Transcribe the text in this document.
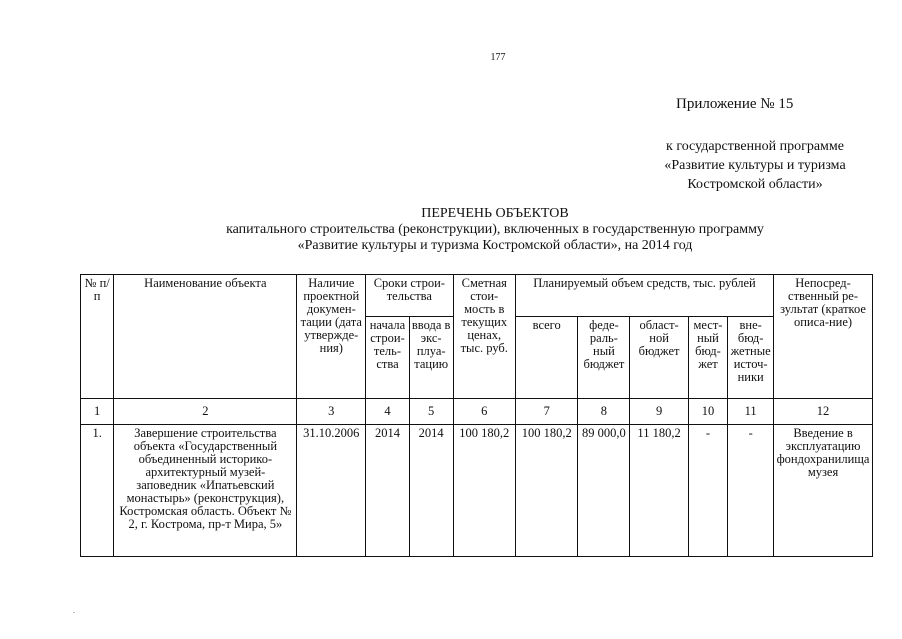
177
Приложение № 15
к государственной программе
«Развитие культуры и туризма
Костромской области»
ПЕРЕЧЕНЬ ОБЪЕКТОВ
капитального строительства (реконструкции), включенных в государственную программу
«Развитие культуры и туризма Костромской области», на 2014 год
№ п/п	Наименование объекта	Наличие проектной докумен-тации (дата утвержде-ния)	Сроки строи-тельства		Сметная стои-мость в текущих ценах, тыс. руб.	Планируемый объем средств, тыс. рублей					Непосред-ственный ре-зультат (краткое описа-ние)
			начала строи-тель-ства	ввода в экс-плуа-тацию		всего	феде-раль-ный бюджет	област-ной бюджет	мест-ный бюд-жет	вне-бюд-жетные источ-ники	
1	2	3	4	5	6	7	8	9	10	11	12
1.	Завершение строительства объекта «Государственный объединенный историко-архитектурный музей-заповедник «Ипатьевский монастырь» (реконструкция), Костромская область. Объект № 2, г. Кострома, пр-т Мира, 5»	31.10.2006	2014	2014	100 180,2	100 180,2	89 000,0	11 180,2	-	-	Введение в эксплуатацию фондохранилища музея
.
